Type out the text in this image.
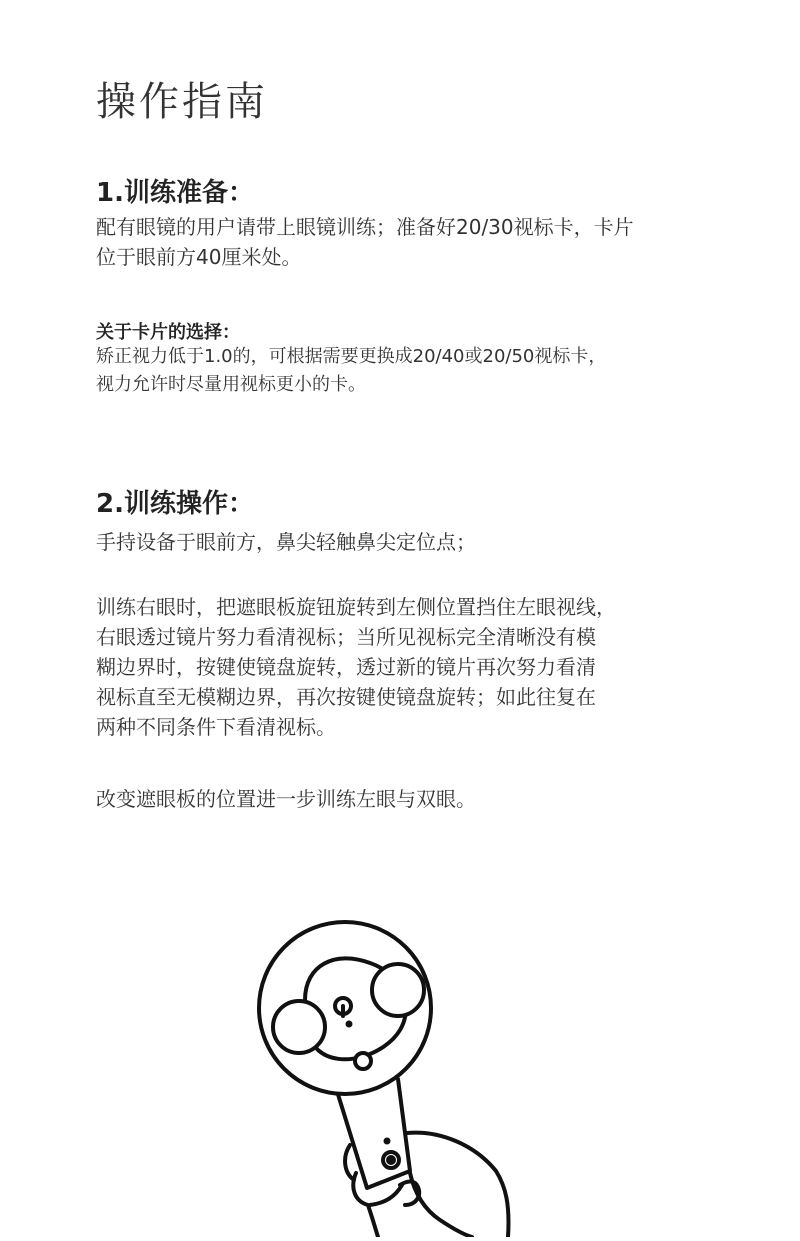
操作指南
1.训练准备：
配有眼镜的用户请带上眼镜训练；准备好20/30视标卡，卡片
位于眼前方40厘米处。
关于卡片的选择：
矫正视力低于1.0的，可根据需要更换成20/40或20/50视标卡，
视力允许时尽量用视标更小的卡。
2.训练操作：
手持设备于眼前方，鼻尖轻触鼻尖定位点；
训练右眼时，把遮眼板旋钮旋转到左侧位置挡住左眼视线，
右眼透过镜片努力看清视标；当所见视标完全清晰没有模
糊边界时，按键使镜盘旋转，透过新的镜片再次努力看清
视标直至无模糊边界，再次按键使镜盘旋转；如此往复在
两种不同条件下看清视标。
改变遮眼板的位置进一步训练左眼与双眼。
